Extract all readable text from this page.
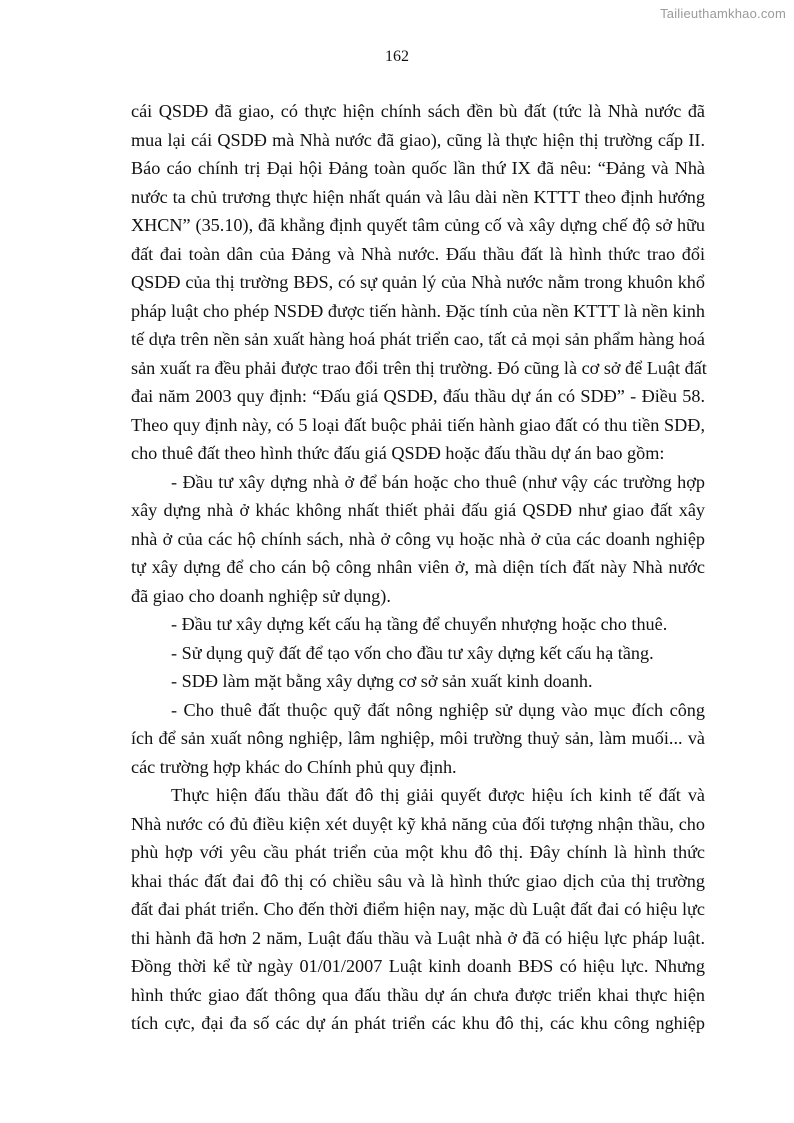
Tailieuthamkhao.com
162
cái QSDĐ đã giao, có thực hiện chính sách đền bù đất (tức là Nhà nước đã
mua lại cái QSDĐ mà Nhà nước đã giao), cũng là thực hiện thị trường cấp II.
Báo cáo chính trị Đại hội Đảng toàn quốc lần thứ IX đã nêu: “Đảng và Nhà
nước ta chủ trương thực hiện nhất quán và lâu dài nền KTTT theo định hướng
XHCN” (35.10), đã khẳng định quyết tâm củng cố và xây dựng chế độ sở hữu
đất đai toàn dân của Đảng và Nhà nước. Đấu thầu đất là hình thức trao đổi
QSDĐ của thị trường BĐS, có sự quản lý của Nhà nước nằm trong khuôn khổ
pháp luật cho phép NSDĐ được tiến hành. Đặc tính của nền KTTT là nền kinh
tế dựa trên nền sản xuất hàng hoá phát triển cao, tất cả mọi sản phẩm hàng hoá
sản xuất ra đều phải được trao đổi trên thị trường. Đó cũng là cơ sở để Luật đất
đai năm 2003 quy định: “Đấu giá QSDĐ, đấu thầu dự án có SDĐ” - Điều 58.
Theo quy định này, có 5 loại đất buộc phải tiến hành giao đất có thu tiền SDĐ,
cho thuê đất theo hình thức đấu giá QSDĐ hoặc đấu thầu dự án bao gồm:
- Đầu tư xây dựng nhà ở để bán hoặc cho thuê (như vậy các trường hợp
xây dựng nhà ở khác không nhất thiết phải đấu giá QSDĐ như giao đất xây
nhà ở của các hộ chính sách, nhà ở công vụ hoặc nhà ở của các doanh nghiệp
tự xây dựng để cho cán bộ công nhân viên ở, mà diện tích đất này Nhà nước
đã giao cho doanh nghiệp sử dụng).
- Đầu tư xây dựng kết cấu hạ tầng để chuyển nhượng hoặc cho thuê.
- Sử dụng quỹ đất để tạo vốn cho đầu tư xây dựng kết cấu hạ tầng.
- SDĐ làm mặt bằng xây dựng cơ sở sản xuất kinh doanh.
- Cho thuê đất thuộc quỹ đất nông nghiệp sử dụng vào mục đích công
ích để sản xuất nông nghiệp, lâm nghiệp, môi trường thuỷ sản, làm muối... và
các trường hợp khác do Chính phủ quy định.
Thực hiện đấu thầu đất đô thị giải quyết được hiệu ích kinh tế đất và
Nhà nước có đủ điều kiện xét duyệt kỹ khả năng của đối tượng nhận thầu, cho
phù hợp với yêu cầu phát triển của một khu đô thị. Đây chính là hình thức
khai thác đất đai đô thị có chiều sâu và là hình thức giao dịch của thị trường
đất đai phát triển. Cho đến thời điểm hiện nay, mặc dù Luật đất đai có hiệu lực
thi hành đã hơn 2 năm, Luật đấu thầu và Luật nhà ở đã có hiệu lực pháp luật.
Đồng thời kể từ ngày 01/01/2007 Luật kinh doanh BĐS có hiệu lực. Nhưng
hình thức giao đất thông qua đấu thầu dự án chưa được triển khai thực hiện
tích cực, đại đa số các dự án phát triển các khu đô thị, các khu công nghiệp
